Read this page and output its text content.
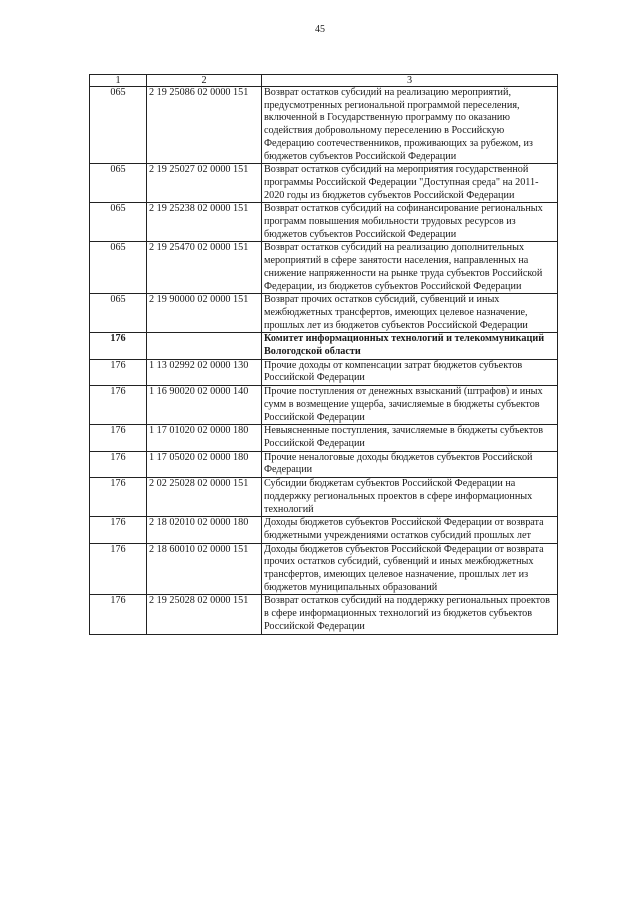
45
1	2	3
065	2 19 25086 02 0000 151	Возврат остатков субсидий на реализацию мероприятий, предусмотренных региональной программой переселения, включенной в Государственную программу по оказанию содействия добровольному переселению в Российскую Федерацию соотечественников, проживающих за рубежом, из бюджетов субъектов Российской Федерации
065	2 19 25027 02 0000 151	Возврат остатков субсидий на мероприятия государственной программы Российской Федерации "Доступная среда" на 2011-2020 годы из бюджетов субъектов Российской Федерации
065	2 19 25238 02 0000 151	Возврат остатков субсидий на софинансирование региональных программ повышения мобильности трудовых ресурсов из бюджетов субъектов Российской Федерации
065	2 19 25470 02 0000 151	Возврат остатков субсидий на реализацию дополнительных мероприятий в сфере занятости населения, направленных на снижение напряженности на рынке труда субъектов Российской Федерации, из бюджетов субъектов Российской Федерации
065	2 19 90000 02 0000 151	Возврат прочих остатков субсидий, субвенций и иных межбюджетных трансфертов, имеющих целевое назначение, прошлых лет из бюджетов субъектов Российской Федерации
176		Комитет информационных технологий и телекоммуникаций Вологодской области
176	1 13 02992 02 0000 130	Прочие доходы от компенсации затрат бюджетов субъектов Российской Федерации
176	1 16 90020 02 0000 140	Прочие поступления от денежных взысканий (штрафов) и иных сумм в возмещение ущерба, зачисляемые в бюджеты субъектов Российской Федерации
176	1 17 01020 02 0000 180	Невыясненные поступления, зачисляемые в бюджеты субъектов Российской Федерации
176	1 17 05020 02 0000 180	Прочие неналоговые доходы бюджетов субъектов Российской Федерации
176	2 02 25028 02 0000 151	Субсидии бюджетам субъектов Российской Федерации на поддержку региональных проектов в сфере информационных технологий
176	2 18 02010 02 0000 180	Доходы бюджетов субъектов Российской Федерации от возврата бюджетными учреждениями остатков субсидий прошлых лет
176	2 18 60010 02 0000 151	Доходы бюджетов субъектов Российской Федерации от возврата прочих остатков субсидий, субвенций и иных межбюджетных трансфертов, имеющих целевое назначение, прошлых лет из бюджетов муниципальных образований
176	2 19 25028 02 0000 151	Возврат остатков субсидий на поддержку региональных проектов в сфере информационных технологий из бюджетов субъектов Российской Федерации
